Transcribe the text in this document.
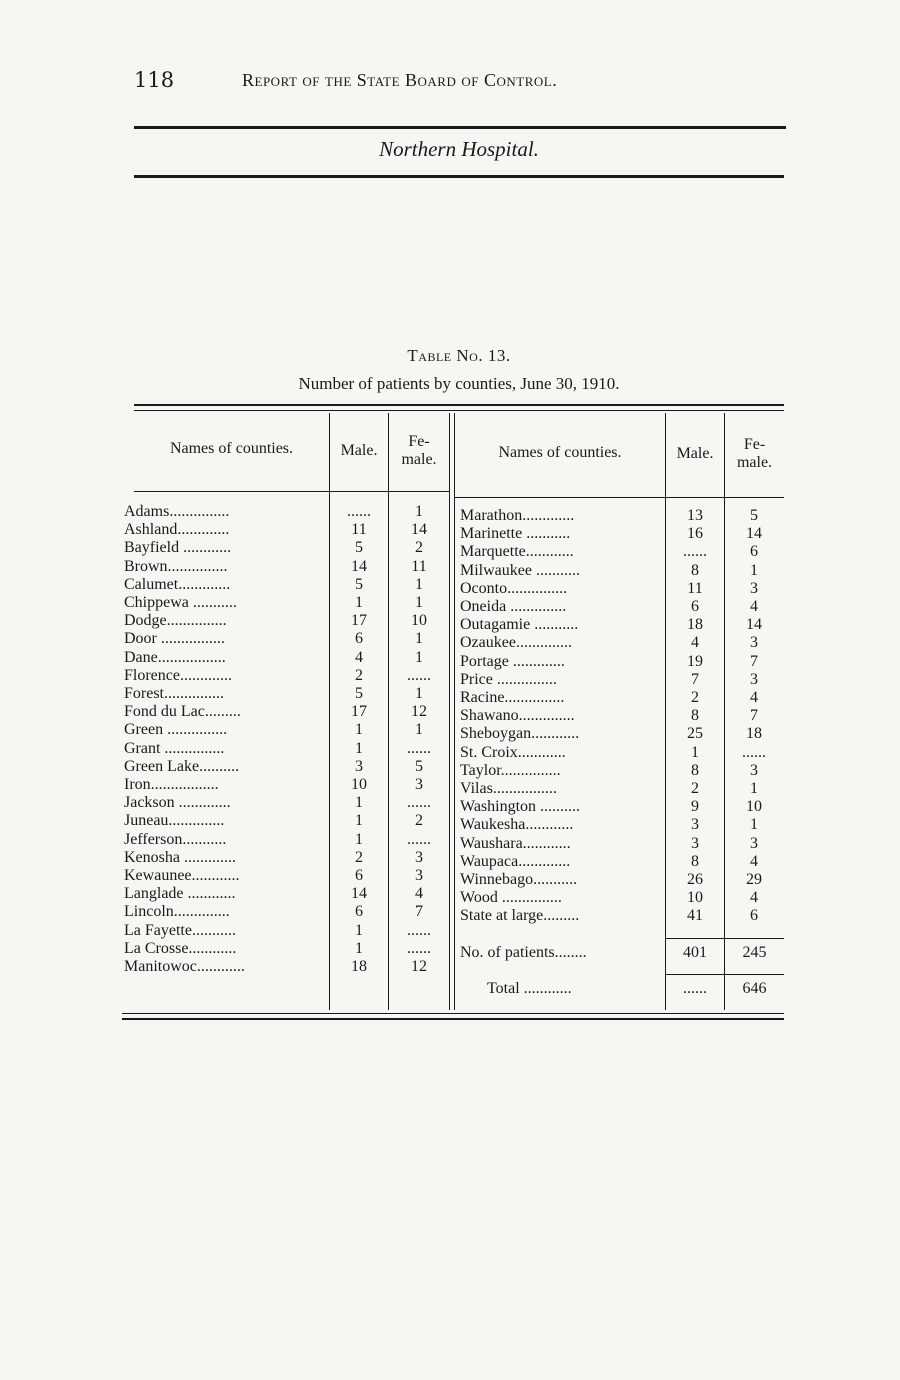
118	Report of the State Board of Control.
Northern Hospital.
Table No. 13.
Number of patients by counties, June 30, 1910.
Names of counties.	Male.
Fe-
male.	Names of counties.	Male.
Fe-
male.
Adams...............	......	1
Ashland.............	11	14
Bayfield ............	5	2
Brown...............	14	11
Calumet.............	5	1
Chippewa ...........	1	1
Dodge...............	17	10
Door ................	6	1
Dane.................	4	1
Florence.............	2	......
Forest...............	5	1
Fond du Lac.........	17	12
Green ...............	1	1
Grant ...............	1	......
Green Lake..........	3	5
Iron.................	10	3
Jackson .............	1	......
Juneau..............	1	2
Jefferson...........	1	......
Kenosha .............	2	3
Kewaunee............	6	3
Langlade ............	14	4
Lincoln..............	6	7
La Fayette...........	1	......
La Crosse............	1	......
Manitowoc............	18	12
Marathon.............	13	5
Marinette ...........	16	14
Marquette............	......	6
Milwaukee ...........	8	1
Oconto...............	11	3
Oneida ..............	6	4
Outagamie ...........	18	14
Ozaukee..............	4	3
Portage .............	19	7
Price ...............	7	3
Racine...............	2	4
Shawano..............	8	7
Sheboygan............	25	18
St. Croix............	1	......
Taylor...............	8	3
Vilas................	2	1
Washington ..........	9	10
Waukesha............	3	1
Waushara............	3	3
Waupaca.............	8	4
Winnebago...........	26	29
Wood ...............	10	4
State at large.........	41	6
No. of patients........	401	245
Total ............	......	646
